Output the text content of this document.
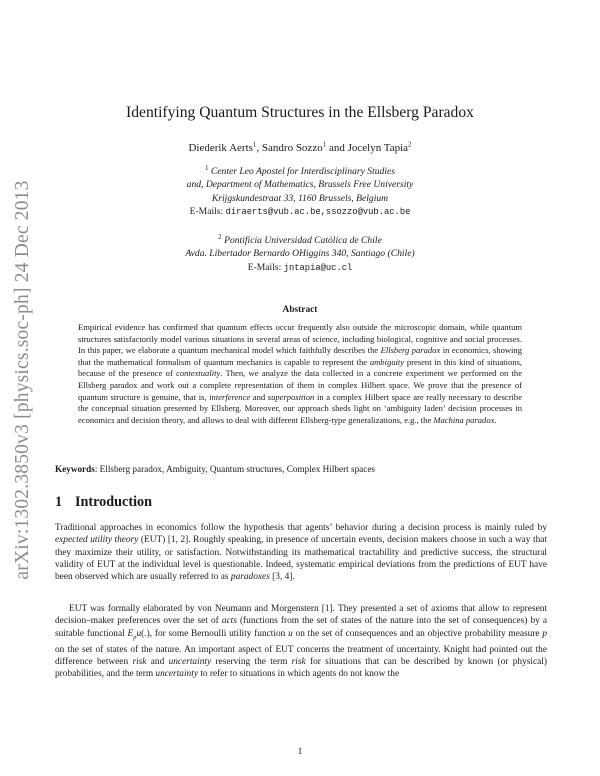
arXiv:1302.3850v3 [physics.soc-ph] 24 Dec 2013
Identifying Quantum Structures in the Ellsberg Paradox
Diederik Aerts$^1$, Sandro Sozzo$^1$ and Jocelyn Tapia$^2$
$^1$ Center Leo Apostel for Interdisciplinary Studies
and, Department of Mathematics, Brussels Free University
Krijgskundestraat 33, 1160 Brussels, Belgium
E-Mails: diraerts@vub.ac.be,ssozzo@vub.ac.be
$^2$ Pontificia Universidad Católica de Chile
Avda. Libertador Bernardo OHiggins 340, Santiago (Chile)
E-Mails: jntapia@uc.cl
Abstract
Empirical evidence has confirmed that quantum effects occur frequently also outside the microscopic domain, while quantum structures satisfactorily model various situations in several areas of science, including biological, cognitive and social processes. In this paper, we elaborate a quantum mechanical model which faithfully describes the Ellsberg paradox in economics, showing that the mathematical formalism of quantum mechanics is capable to represent the ambiguity present in this kind of situations, because of the presence of contextuality. Then, we analyze the data collected in a concrete experiment we performed on the Ellsberg paradox and work out a complete representation of them in complex Hilbert space. We prove that the presence of quantum structure is genuine, that is, interference and superposition in a complex Hilbert space are really necessary to describe the conceptual situation presented by Ellsberg. Moreover, our approach sheds light on ‘ambiguity laden’ decision processes in economics and decision theory, and allows to deal with different Ellsberg-type generalizations, e.g., the Machina paradox.
Keywords: Ellsberg paradox, Ambiguity, Quantum structures, Complex Hilbert spaces
1 Introduction
Traditional approaches in economics follow the hypothesis that agents’ behavior during a decision process is mainly ruled by expected utility theory (EUT) [1, 2]. Roughly speaking, in presence of uncertain events, decision makers choose in such a way that they maximize their utility, or satisfaction. Notwithstanding its mathematical tractability and predictive success, the structural validity of EUT at the individual level is questionable. Indeed, systematic empirical deviations from the predictions of EUT have been observed which are usually referred to as paradoxes [3, 4].
EUT was formally elaborated by von Neumann and Morgenstern [1]. They presented a set of axioms that allow to represent decision–maker preferences over the set of acts (functions from the set of states of the nature into the set of consequences) by a suitable functional $E_pu(.)$, for some Bernoulli utility function u on the set of consequences and an objective probability measure p on the set of states of the nature. An important aspect of EUT concerns the treatment of uncertainty. Knight had pointed out the difference between risk and uncertainty reserving the term risk for situations that can be described by known (or physical) probabilities, and the term uncertainty to refer to situations in which agents do not know the
1
